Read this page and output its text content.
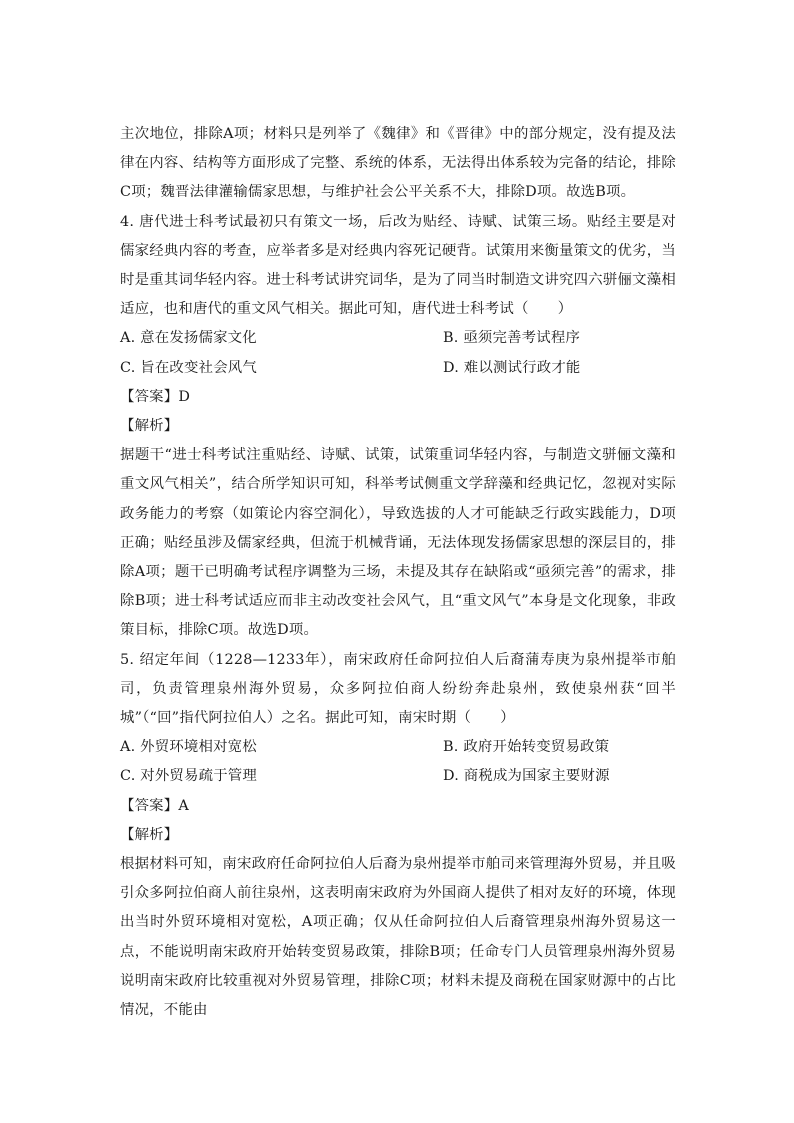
主次地位，排除A项；材料只是列举了《魏律》和《晋律》中的部分规定，没有提及法律在内容、结构等方面形成了完整、系统的体系，无法得出体系较为完备的结论，排除C项；魏晋法律灌输儒家思想，与维护社会公平关系不大，排除D项。故选B项。

4. 唐代进士科考试最初只有策文一场，后改为贴经、诗赋、试策三场。贴经主要是对儒家经典内容的考查，应举者多是对经典内容死记硬背。试策用来衡量策文的优劣，当时是重其词华轻内容。进士科考试讲究词华，是为了同当时制造文讲究四六骈俪文藻相适应，也和唐代的重文风气相关。据此可知，唐代进士科考试（　　）

A. 意在发扬儒家文化	B. 亟须完善考试程序
C. 旨在改变社会风气	D. 难以测试行政才能

【答案】D

【解析】

据题干“进士科考试注重贴经、诗赋、试策，试策重词华轻内容，与制造文骈俪文藻和重文风气相关”，结合所学知识可知，科举考试侧重文学辞藻和经典记忆，忽视对实际政务能力的考察（如策论内容空洞化），导致选拔的人才可能缺乏行政实践能力，D项正确；贴经虽涉及儒家经典，但流于机械背诵，无法体现发扬儒家思想的深层目的，排除A项；题干已明确考试程序调整为三场，未提及其存在缺陷或“亟须完善”的需求，排除B项；进士科考试适应而非主动改变社会风气，且“重文风气”本身是文化现象，非政策目标，排除C项。故选D项。

5. 绍定年间（1228—1233年），南宋政府任命阿拉伯人后裔蒲寿庚为泉州提举市舶司，负责管理泉州海外贸易，众多阿拉伯商人纷纷奔赴泉州，致使泉州获“回半城”（“回”指代阿拉伯人）之名。据此可知，南宋时期（　　）

A. 外贸环境相对宽松	B. 政府开始转变贸易政策
C. 对外贸易疏于管理	D. 商税成为国家主要财源

【答案】A

【解析】

根据材料可知，南宋政府任命阿拉伯人后裔为泉州提举市舶司来管理海外贸易，并且吸引众多阿拉伯商人前往泉州，这表明南宋政府为外国商人提供了相对友好的环境，体现出当时外贸环境相对宽松，A项正确；仅从任命阿拉伯人后裔管理泉州海外贸易这一点，不能说明南宋政府开始转变贸易政策，排除B项；任命专门人员管理泉州海外贸易说明南宋政府比较重视对外贸易管理，排除C项；材料未提及商税在国家财源中的占比情况，不能由
